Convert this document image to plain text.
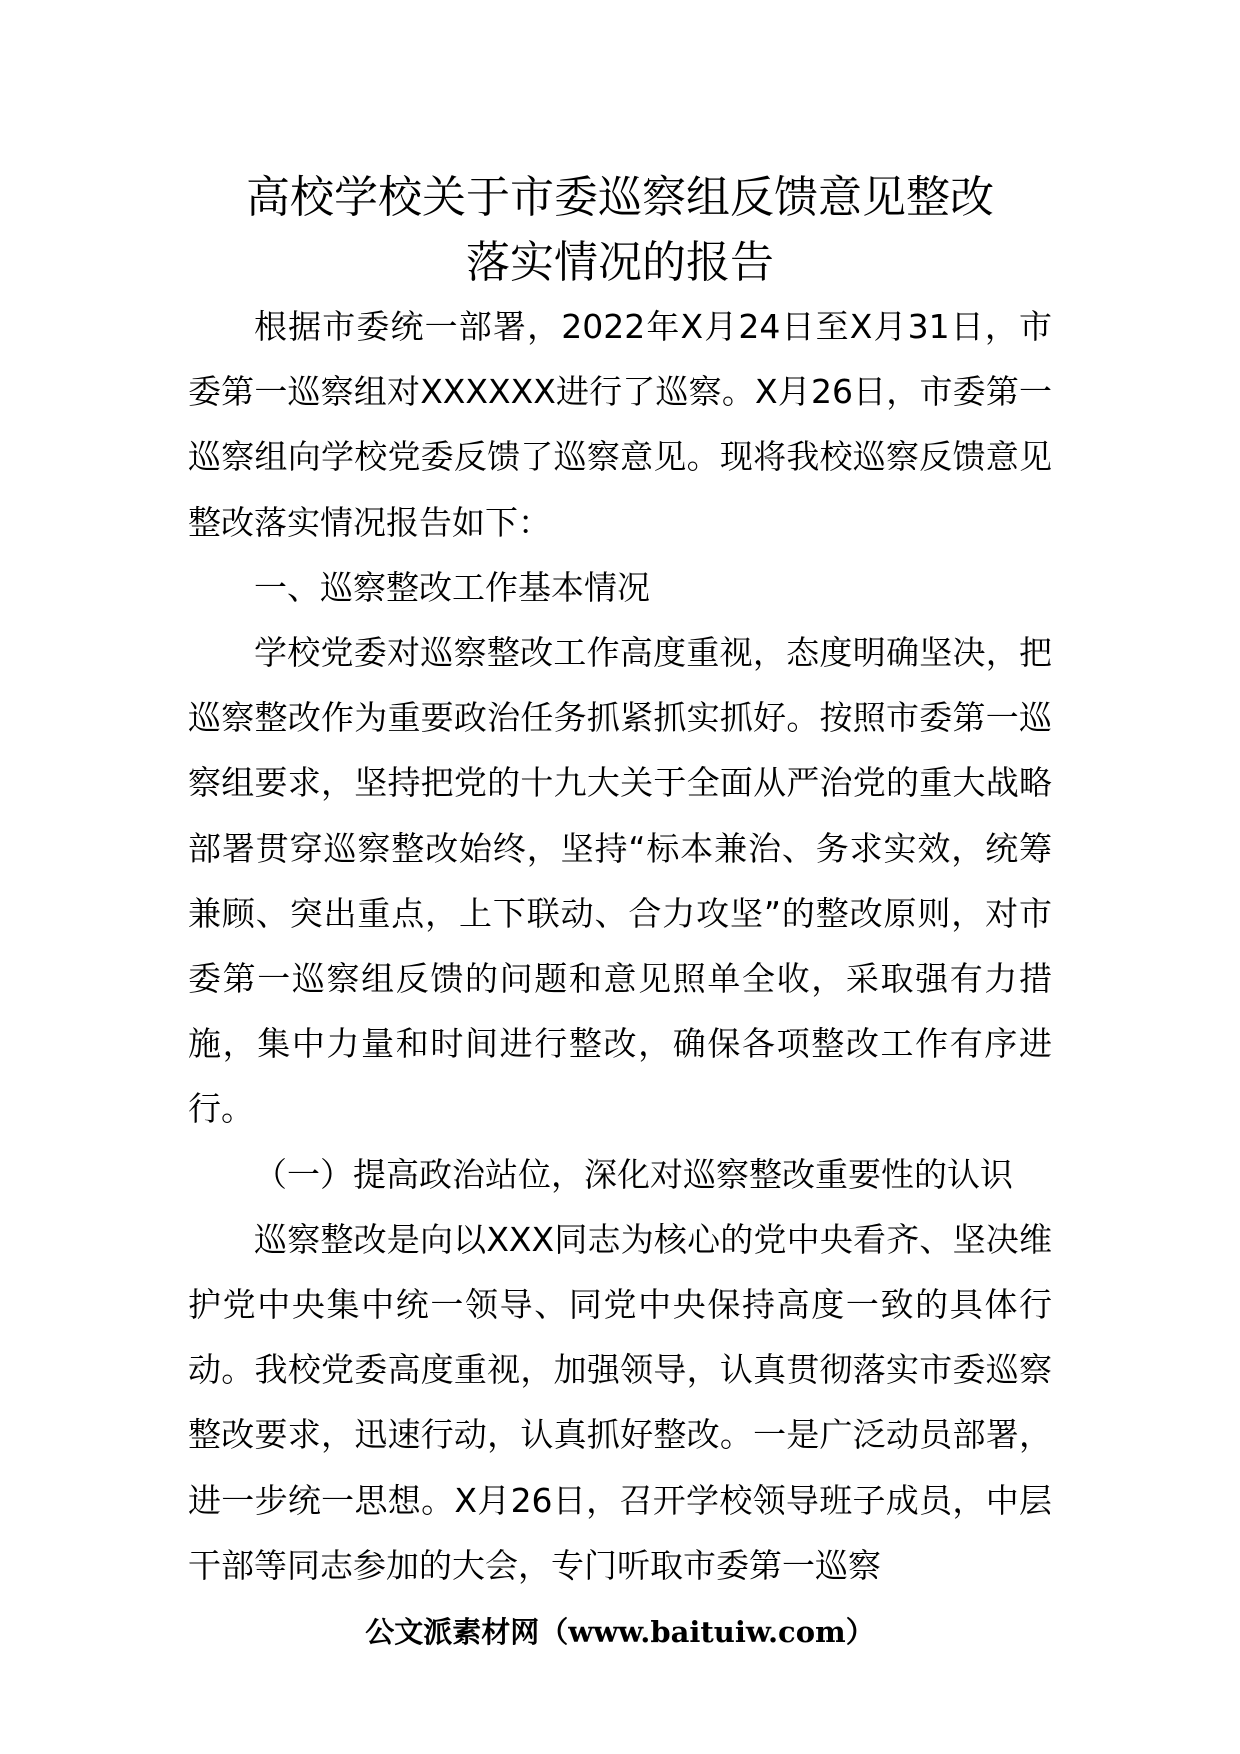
高校学校关于市委巡察组反馈意见整改
落实情况的报告

根据市委统一部署，2022年X月24日至X月31日，市委第一巡察组对XXXXXX进行了巡察。X月26日，市委第一巡察组向学校党委反馈了巡察意见。现将我校巡察反馈意见整改落实情况报告如下：

一、巡察整改工作基本情况

学校党委对巡察整改工作高度重视，态度明确坚决，把巡察整改作为重要政治任务抓紧抓实抓好。按照市委第一巡察组要求，坚持把党的十九大关于全面从严治党的重大战略部署贯穿巡察整改始终，坚持“标本兼治、务求实效，统筹兼顾、突出重点，上下联动、合力攻坚”的整改原则，对市委第一巡察组反馈的问题和意见照单全收，采取强有力措施，集中力量和时间进行整改，确保各项整改工作有序进行。

（一）提高政治站位，深化对巡察整改重要性的认识

巡察整改是向以XXX同志为核心的党中央看齐、坚决维护党中央集中统一领导、同党中央保持高度一致的具体行动。我校党委高度重视，加强领导，认真贯彻落实市委巡察整改要求，迅速行动，认真抓好整改。一是广泛动员部署，进一步统一思想。X月26日，召开学校领导班子成员，中层干部等同志参加的大会，专门听取市委第一巡察

公文派素材网（www.baituiw.com）
